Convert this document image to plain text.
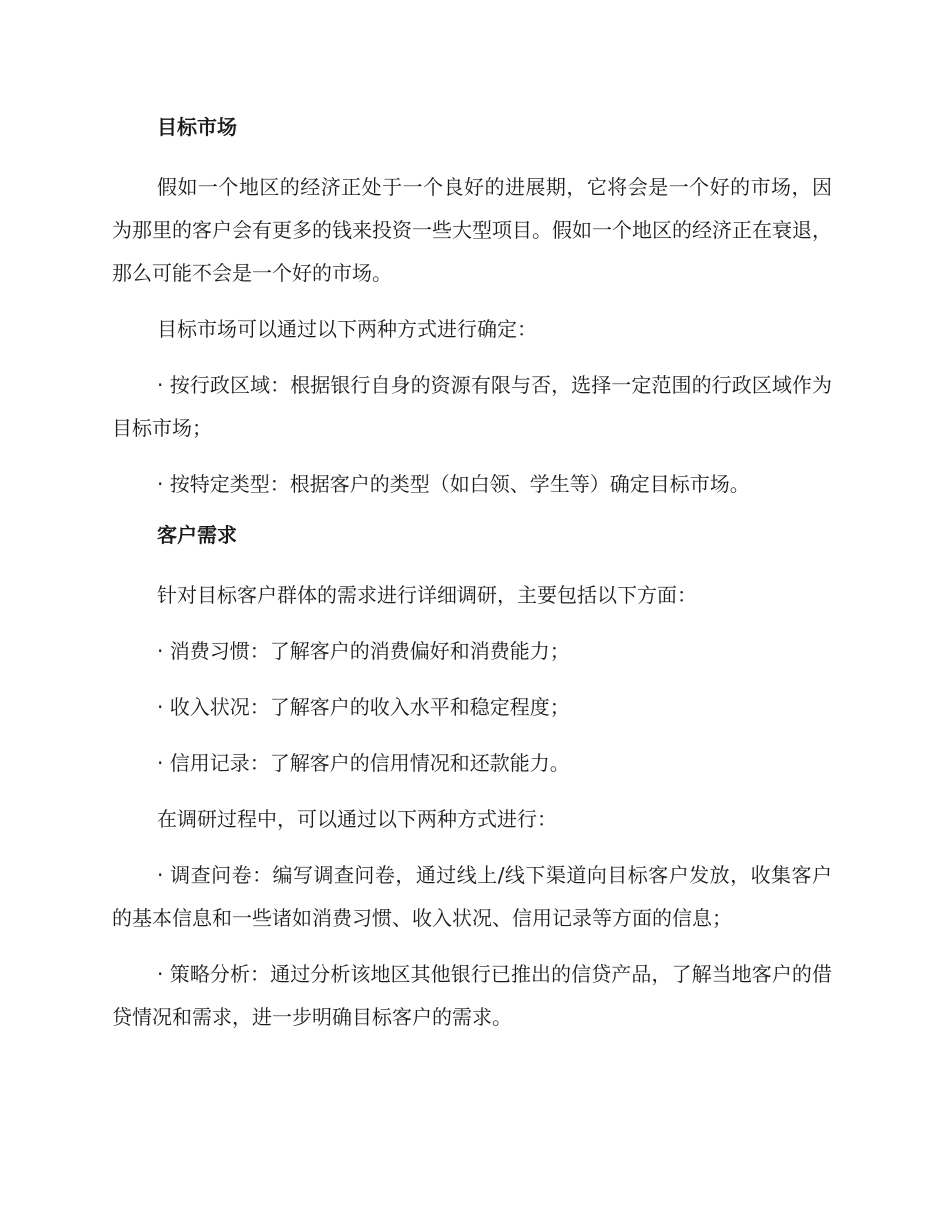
目标市场

假如一个地区的经济正处于一个良好的进展期，它将会是一个好的市场，因为那里的客户会有更多的钱来投资一些大型项目。假如一个地区的经济正在衰退，那么可能不会是一个好的市场。

目标市场可以通过以下两种方式进行确定：

· 按行政区域：根据银行自身的资源有限与否，选择一定范围的行政区域作为目标市场；

· 按特定类型：根据客户的类型（如白领、学生等）确定目标市场。

客户需求

针对目标客户群体的需求进行详细调研，主要包括以下方面：

· 消费习惯：了解客户的消费偏好和消费能力；

· 收入状况：了解客户的收入水平和稳定程度；

· 信用记录：了解客户的信用情况和还款能力。

在调研过程中，可以通过以下两种方式进行：

· 调查问卷：编写调查问卷，通过线上/线下渠道向目标客户发放，收集客户的基本信息和一些诸如消费习惯、收入状况、信用记录等方面的信息；

· 策略分析：通过分析该地区其他银行已推出的信贷产品，了解当地客户的借贷情况和需求，进一步明确目标客户的需求。
